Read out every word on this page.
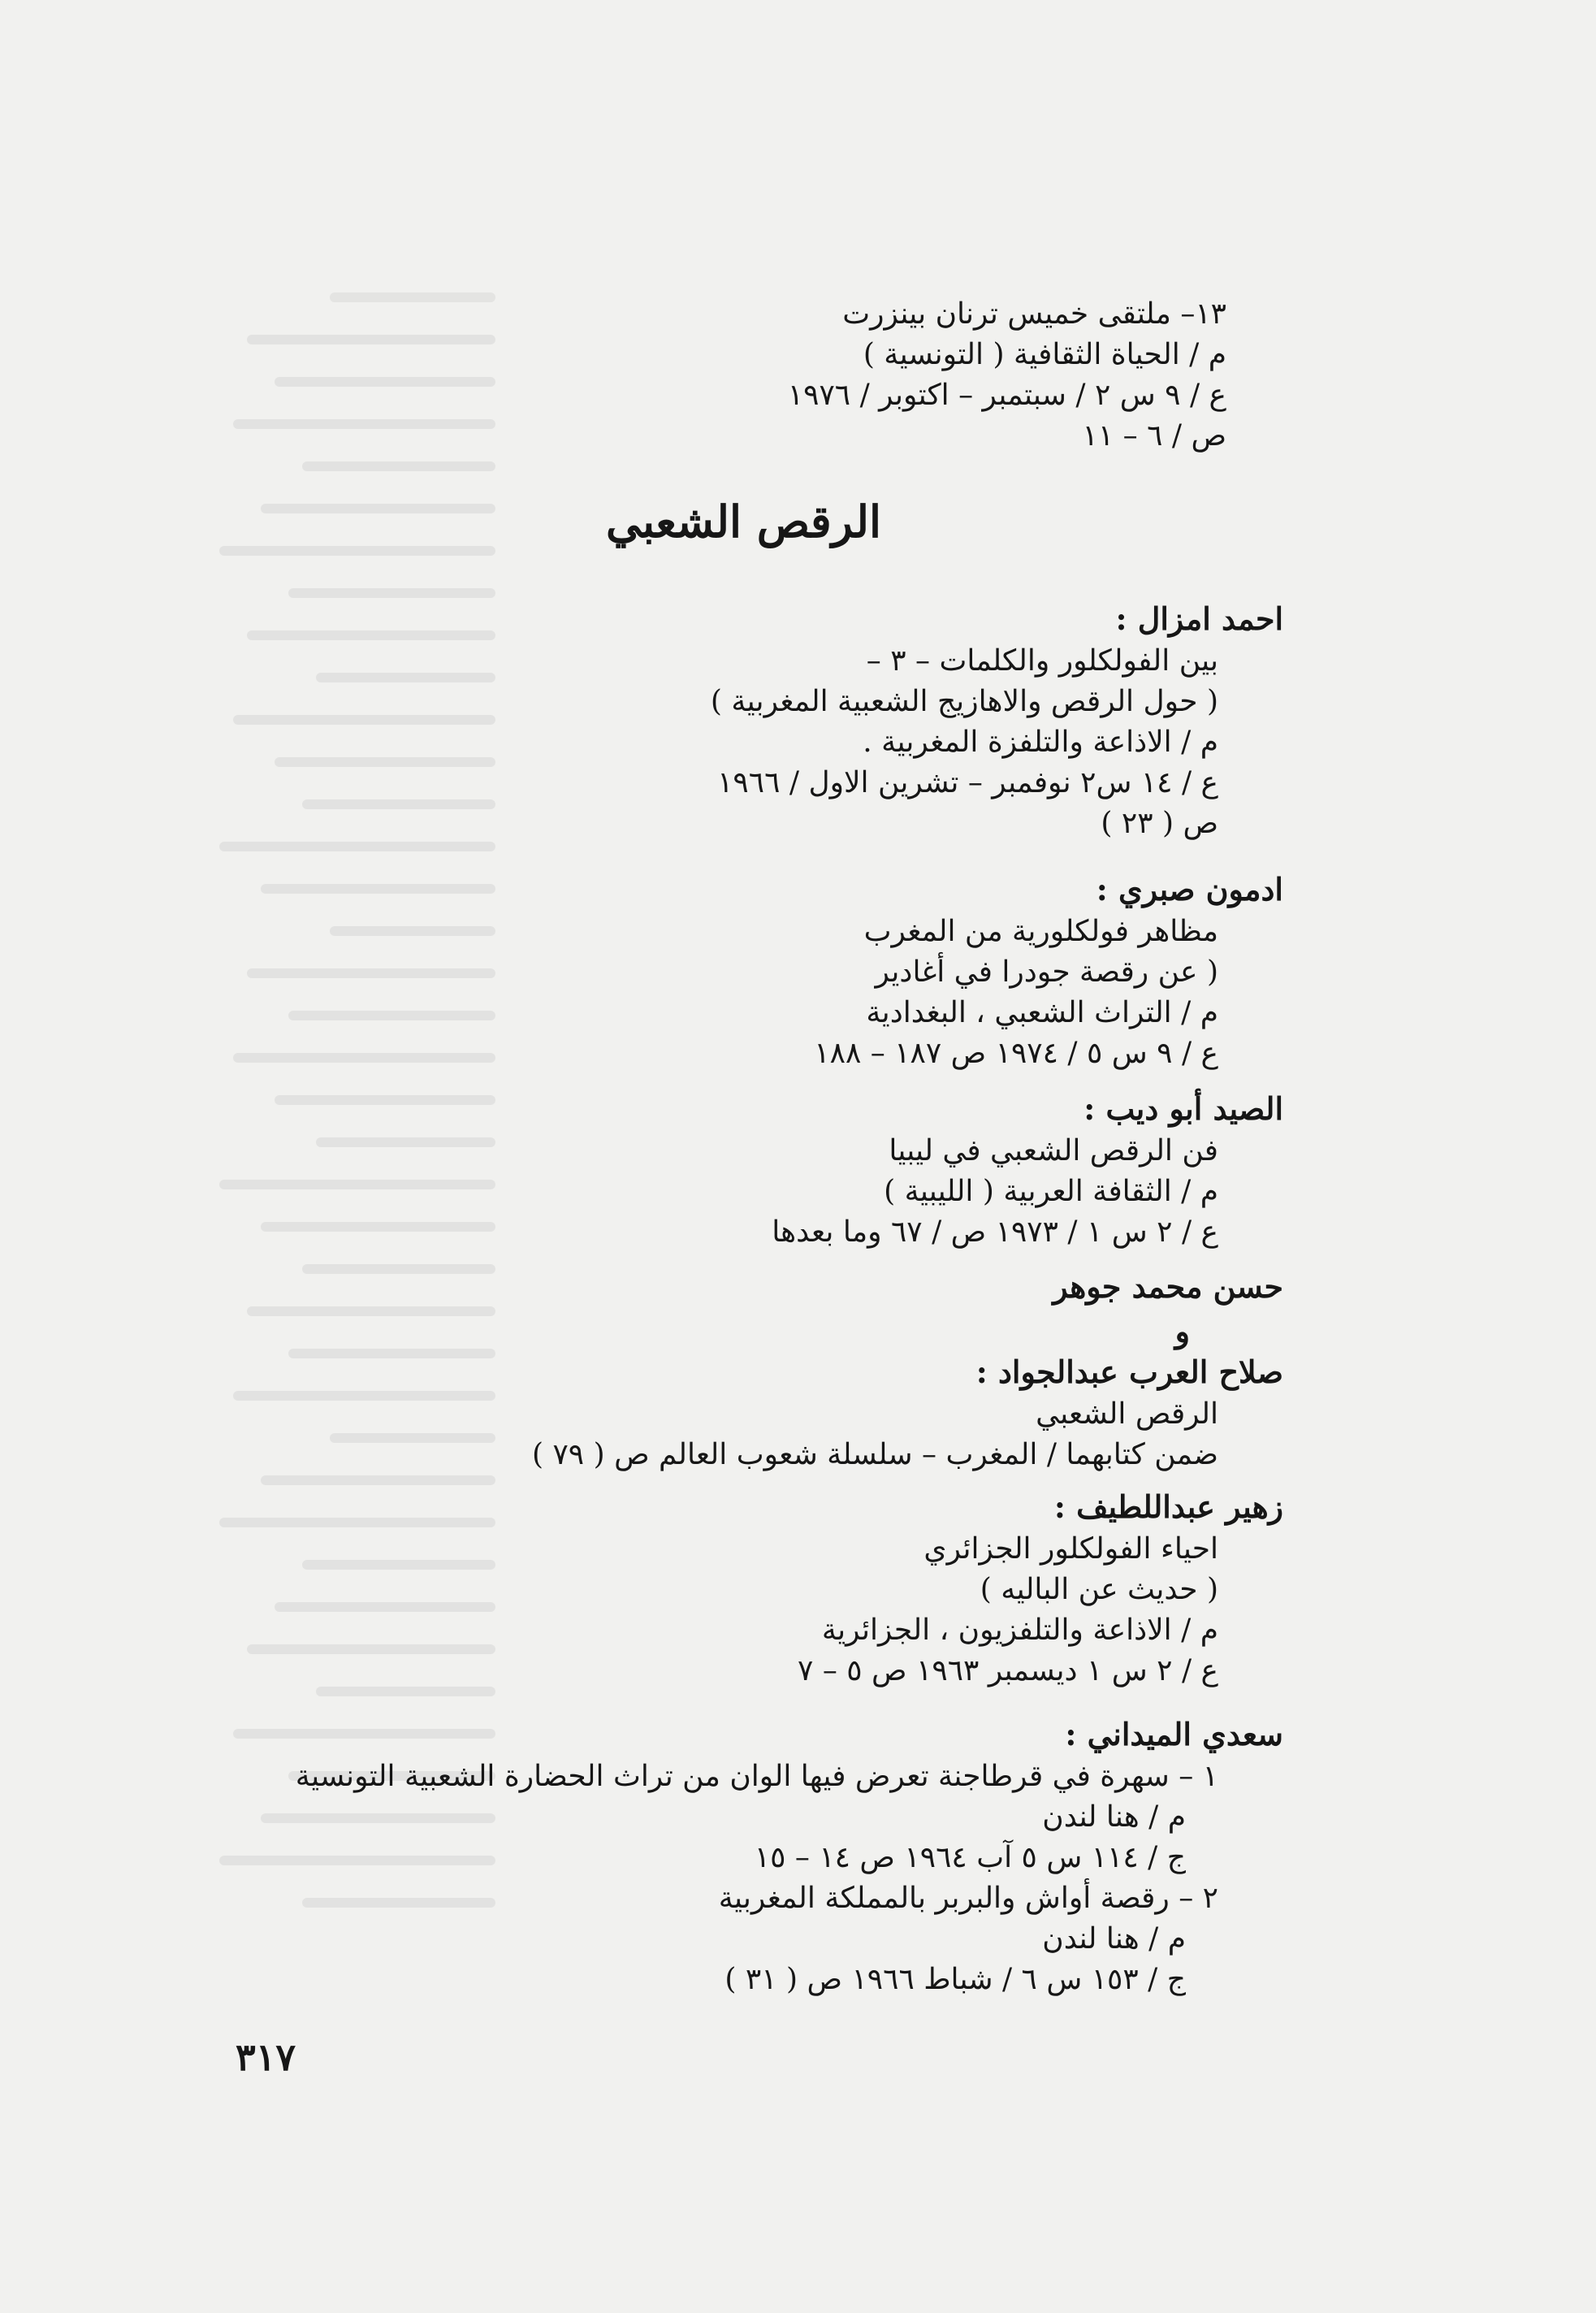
١٣– ملتقى خميس ترنان بينزرت
م / الحياة الثقافية ( التونسية )
ع / ٩ س ٢ / سبتمبر – اكتوبر / ١٩٧٦
ص / ٦ – ١١
الرقص الشعبي
احمد امزال :
بين الفولكلور والكلمات – ٣ –
( حول الرقص والاهازيج الشعبية المغربية )
م / الاذاعة والتلفزة المغربية .
ع / ١٤ س٢ نوفمبر – تشرين الاول / ١٩٦٦
ص ( ٢٣ )
ادمون صبري :
مظاهر فولكلورية من المغرب
( عن رقصة جودرا في أغادير
م / التراث الشعبي ، البغدادية
ع / ٩ س ٥ / ١٩٧٤ ص ١٨٧ – ١٨٨
الصيد أبو ديب :
فن الرقص الشعبي في ليبيا
م / الثقافة العربية ( الليبية )
ع / ٢ س ١ / ١٩٧٣ ص / ٦٧ وما بعدها
حسن محمد جوهر
و
صلاح العرب عبدالجواد :
الرقص الشعبي
ضمن كتابهما / المغرب – سلسلة شعوب العالم ص ( ٧٩ )
زهير عبداللطيف :
احياء الفولكلور الجزائري
( حديث عن الباليه )
م / الاذاعة والتلفزيون ، الجزائرية
ع / ٢ س ١ ديسمبر ١٩٦٣ ص ٥ – ٧
سعدي الميداني :
١ – سهرة في قرطاجنة تعرض فيها الوان من تراث الحضارة الشعبية التونسية
م / هنا لندن
ج / ١١٤ س ٥ آب ١٩٦٤ ص ١٤ – ١٥
٢ – رقصة أواش والبربر بالمملكة المغربية
م / هنا لندن
ج / ١٥٣ س ٦ / شباط ١٩٦٦ ص ( ٣١ )
٣١٧
